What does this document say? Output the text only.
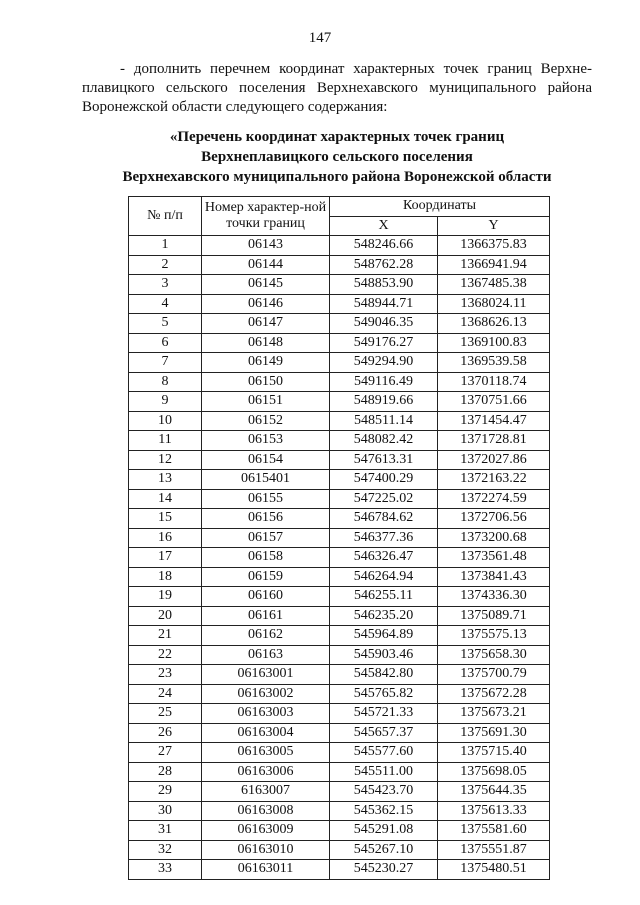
147

- дополнить перечнем координат характерных точек границ Верхне-плавицкого сельского поселения Верхнехавского муниципального района Воронежской области следующего содержания:

«Перечень координат характерных точек границ
Верхнеплавицкого сельского поселения
Верхнехавского муниципального района Воронежской области
№ п/п	Номер характер-ной точки границ	Координаты	
		X	Y
1	06143	548246.66	1366375.83
2	06144	548762.28	1366941.94
3	06145	548853.90	1367485.38
4	06146	548944.71	1368024.11
5	06147	549046.35	1368626.13
6	06148	549176.27	1369100.83
7	06149	549294.90	1369539.58
8	06150	549116.49	1370118.74
9	06151	548919.66	1370751.66
10	06152	548511.14	1371454.47
11	06153	548082.42	1371728.81
12	06154	547613.31	1372027.86
13	0615401	547400.29	1372163.22
14	06155	547225.02	1372274.59
15	06156	546784.62	1372706.56
16	06157	546377.36	1373200.68
17	06158	546326.47	1373561.48
18	06159	546264.94	1373841.43
19	06160	546255.11	1374336.30
20	06161	546235.20	1375089.71
21	06162	545964.89	1375575.13
22	06163	545903.46	1375658.30
23	06163001	545842.80	1375700.79
24	06163002	545765.82	1375672.28
25	06163003	545721.33	1375673.21
26	06163004	545657.37	1375691.30
27	06163005	545577.60	1375715.40
28	06163006	545511.00	1375698.05
29	6163007	545423.70	1375644.35
30	06163008	545362.15	1375613.33
31	06163009	545291.08	1375581.60
32	06163010	545267.10	1375551.87
33	06163011	545230.27	1375480.51
